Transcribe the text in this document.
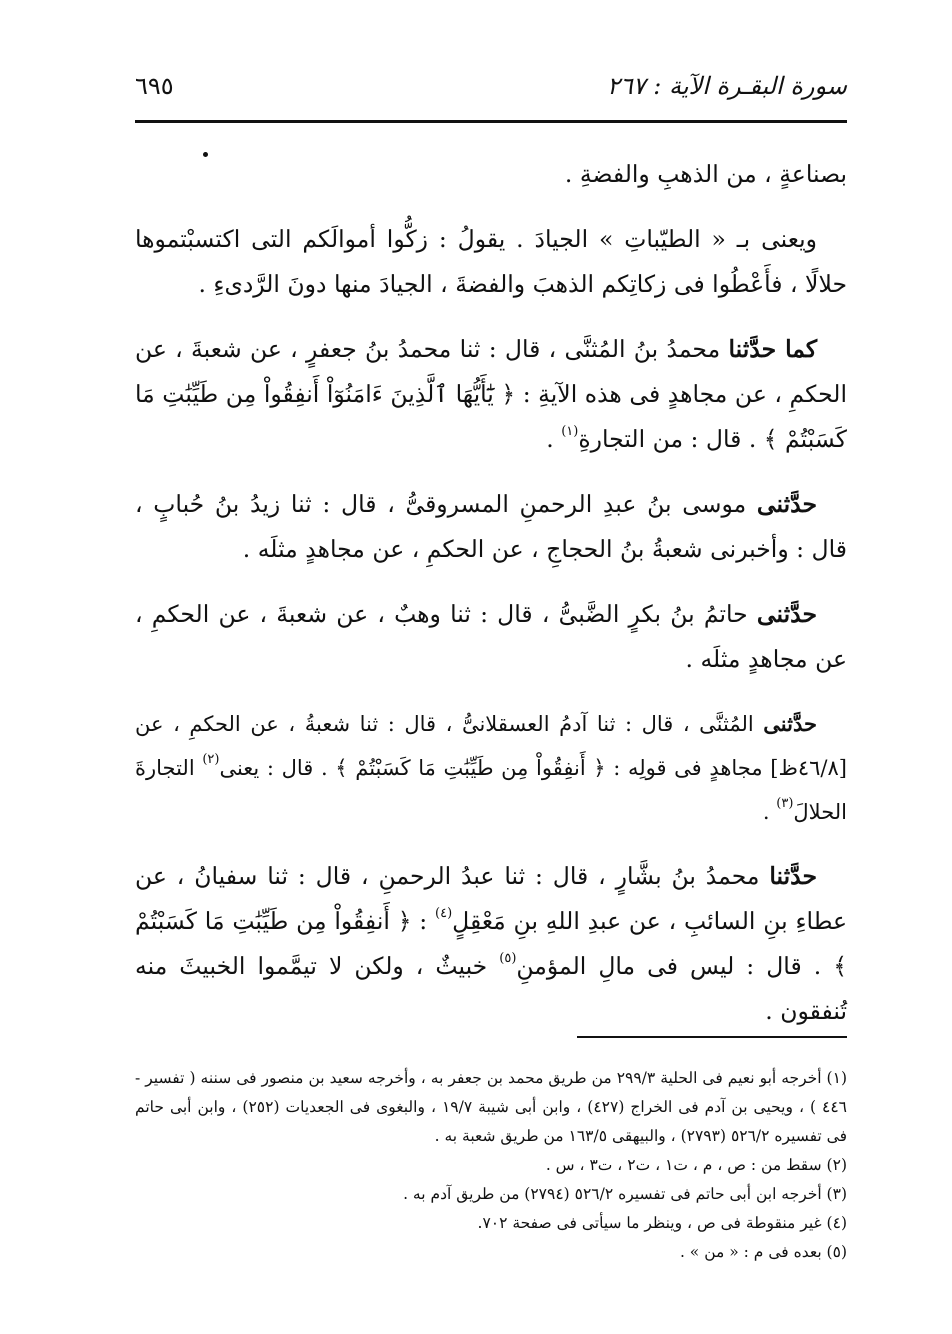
سورة البقـرة الآية : ٢٦٧
٦٩٥

بصناعةٍ ، من الذهبِ والفضةِ .

ويعنى بـ « الطيّباتِ » الجيادَ . يقولُ : زكُّوا أموالَكم التى اكتسبْتموها حلالًا ، فأَعْطُوا فى زكاتِكم الذهبَ والفضةَ ، الجيادَ منها دونَ الرَّدىءِ .

كما حدَّثنا محمدُ بنُ المُثنَّى ، قال : ثنا محمدُ بنُ جعفرٍ ، عن شعبةَ ، عن الحكمِ ، عن مجاهدٍ فى هذه الآيةِ : ﴿ يَٰٓأَيُّهَا ٱلَّذِينَ ءَامَنُوٓاْ أَنفِقُواْ مِن طَيِّبَٰتِ مَا كَسَبْتُمْ ﴾ . قال : من التجارةِ$^{(١)}$ .

حدَّثنى موسى بنُ عبدِ الرحمنِ المسروقىُّ ، قال : ثنا زيدُ بنُ حُبابٍ ، قال : وأخبرنى شعبةُ بنُ الحجاجِ ، عن الحكمِ ، عن مجاهدٍ مثلَه .

حدَّثنى حاتمُ بنُ بكرٍ الضَّبىُّ ، قال : ثنا وهبٌ ، عن شعبةَ ، عن الحكمِ ، عن مجاهدٍ مثلَه .

حدَّثنى المُثنَّى ، قال : ثنا آدمُ العسقلانىُّ ، قال : ثنا شعبةُ ، عن الحكمِ ، عن [٤٦/٨ظ] مجاهدٍ فى قولِه : ﴿ أَنفِقُواْ مِن طَيِّبَٰتِ مَا كَسَبْتُمْ ﴾ . قال : يعنى$^{(٢)}$ التجارةَ الحلالَ$^{(٣)}$ .

حدَّثنا محمدُ بنُ بشَّارٍ ، قال : ثنا عبدُ الرحمنِ ، قال : ثنا سفيانُ ، عن عطاءِ بنِ السائبِ ، عن عبدِ اللهِ بنِ مَعْقِلٍ$^{(٤)}$ : ﴿ أَنفِقُواْ مِن طَيِّبَٰتِ مَا كَسَبْتُمْ ﴾ . قال : ليس فى مالِ المؤمنِ$^{(٥)}$ خبيثٌ ، ولكن لا تيمَّموا الخبيثَ منه تُنفقون .

(١) أخرجه أبو نعيم فى الحلية ٢٩٩/٣ من طريق محمد بن جعفر به ، وأخرجه سعيد بن منصور فى سننه ( تفسير - ٤٤٦ ) ، ويحيى بن آدم فى الخراج (٤٢٧) ، وابن أبى شيبة ١٩/٧ ، والبغوى فى الجعديات (٢٥٢) ، وابن أبى حاتم فى تفسيره ٥٢٦/٢ (٢٧٩٣) ، والبيهقى ١٦٣/٥ من طريق شعبة به .

(٢) سقط من : ص ، م ، ت١ ، ت٢ ، ت٣ ، س .

(٣) أخرجه ابن أبى حاتم فى تفسيره ٥٢٦/٢ (٢٧٩٤) من طريق آدم به .

(٤) غير منقوطة فى ص ، وينظر ما سيأتى فى صفحة ٧٠٢.

(٥) بعده فى م : « من » .
